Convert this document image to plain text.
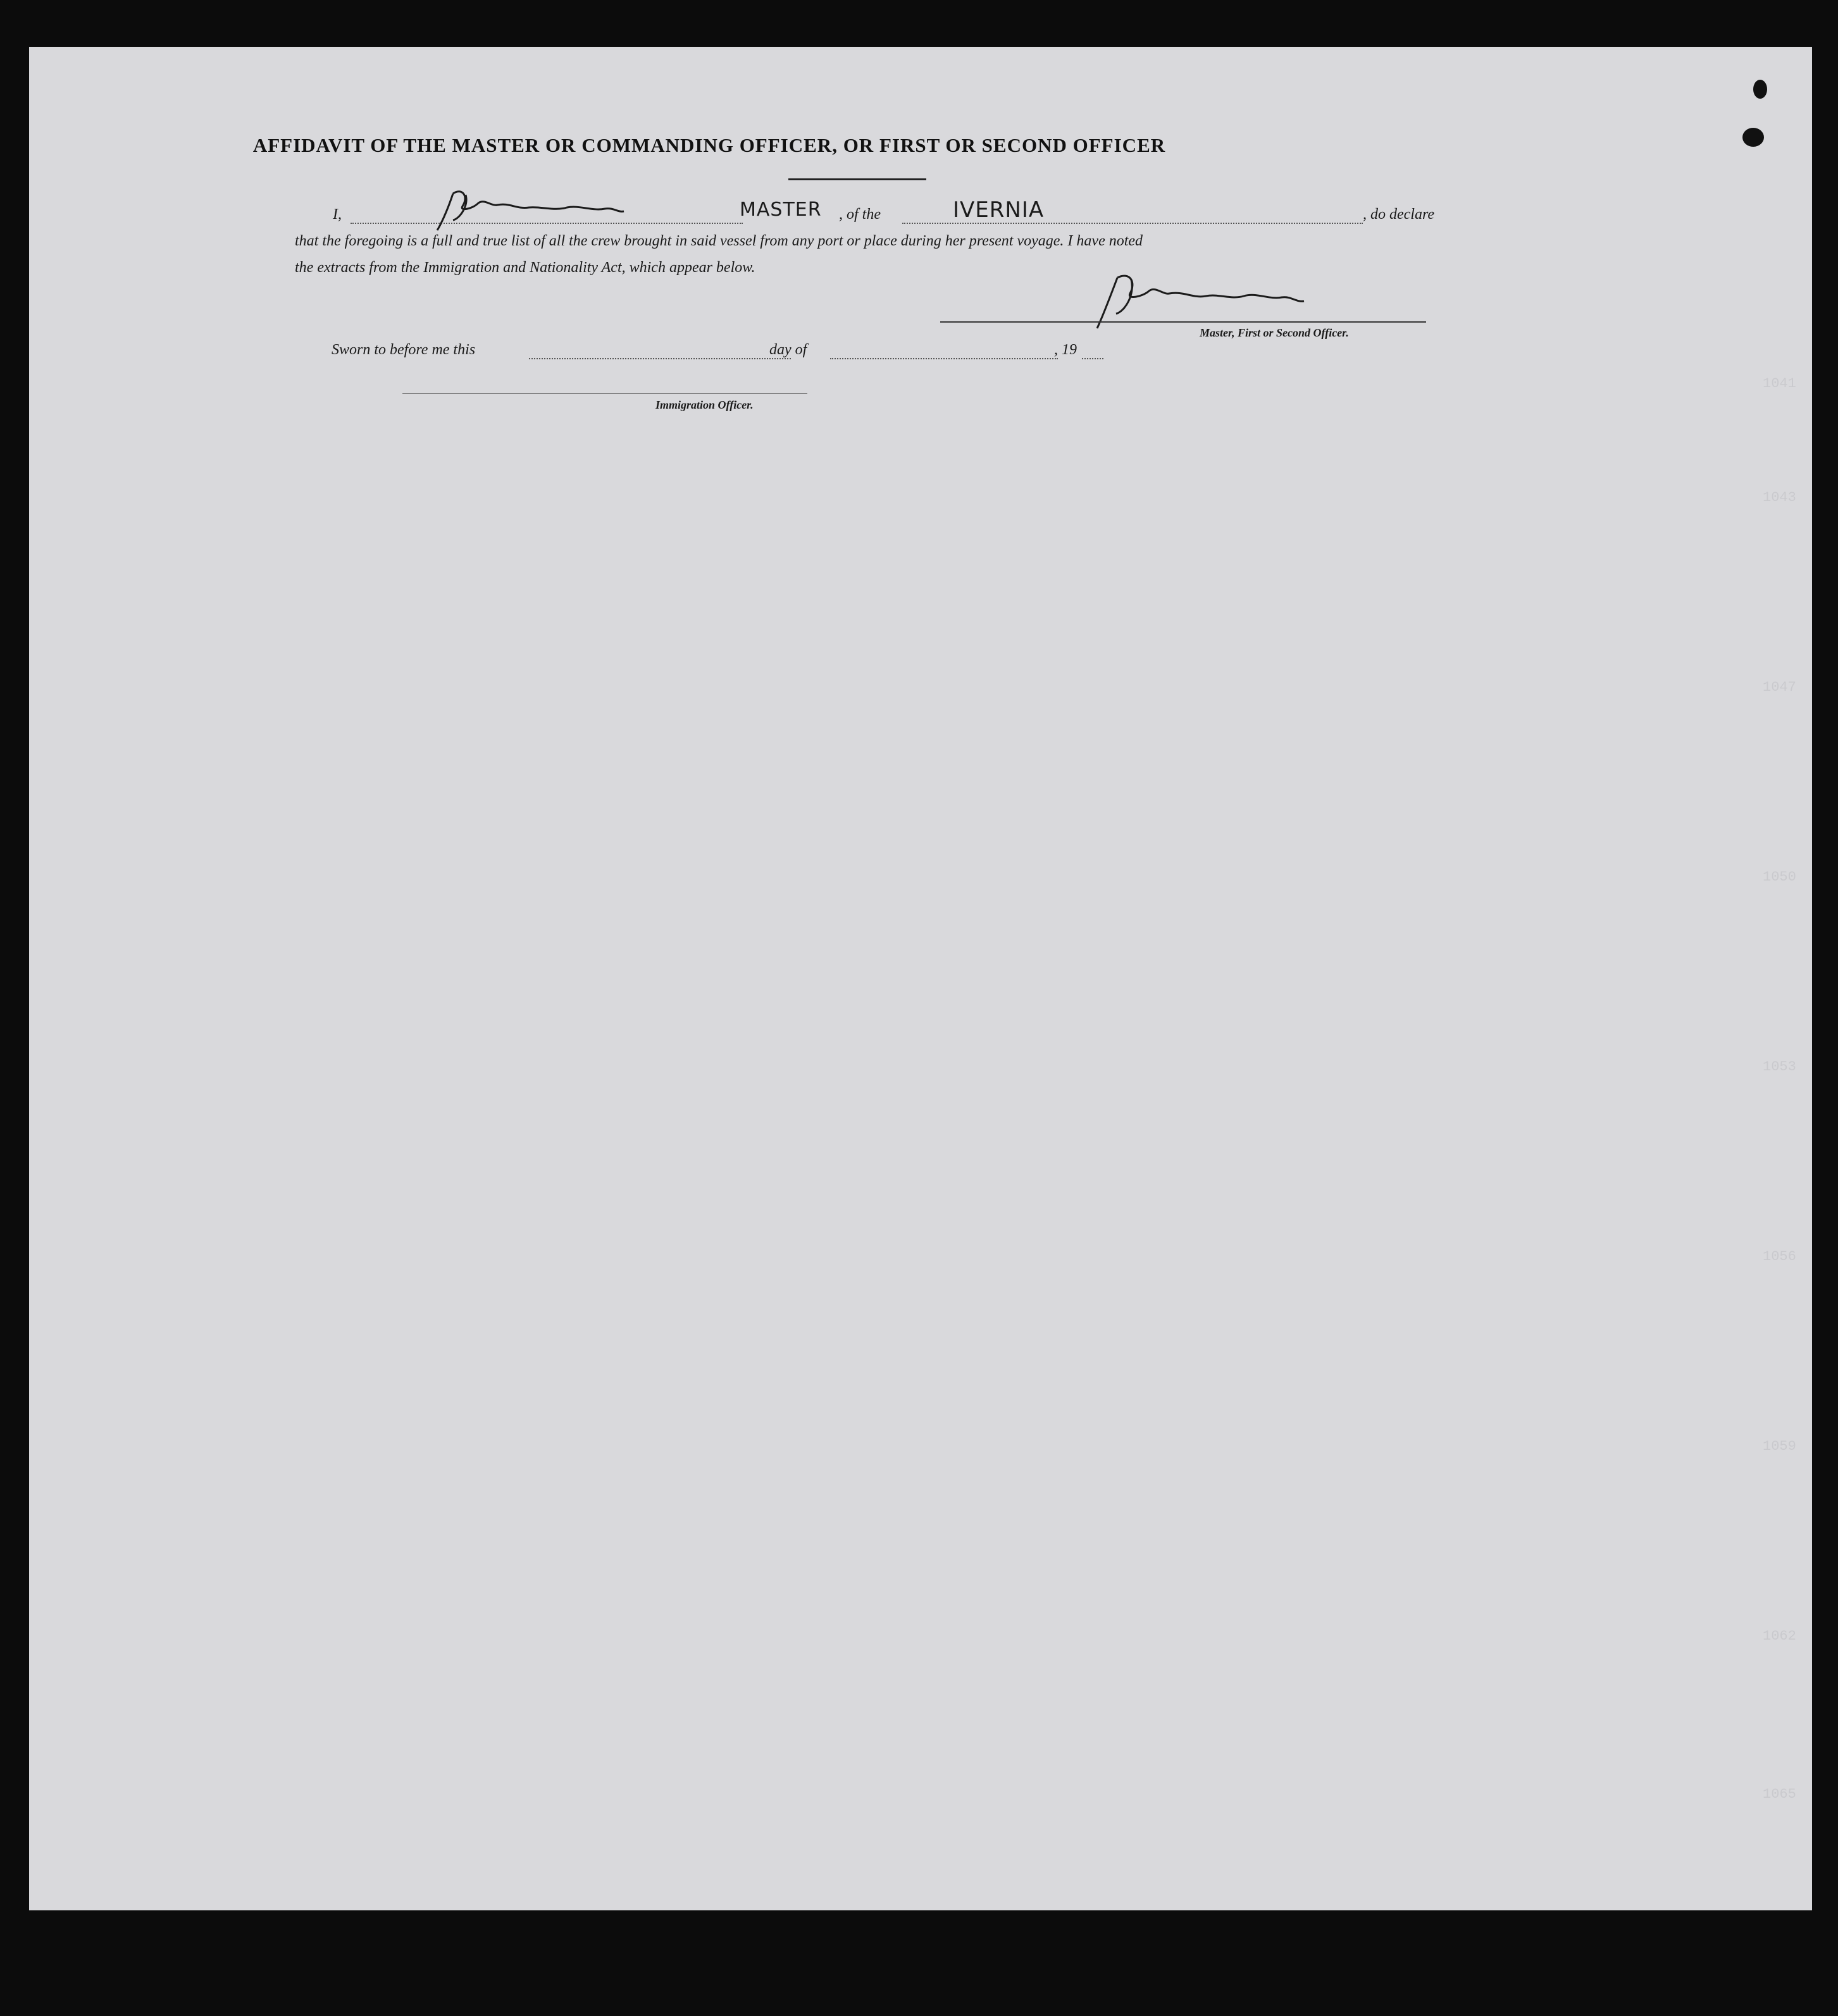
1041
1043
1047
1050
1053
1056
1059
1062
1065
AFFIDAVIT OF THE MASTER OR COMMANDING OFFICER, OR FIRST OR SECOND OFFICER
I,	MASTER , of the	IVERNIA	, do declare
that the foregoing is a full and true list of all the crew brought in said vessel from any port or place during her present voyage. I have noted
the extracts from the Immigration and Nationality Act, which appear below.
Master, First or Second Officer.
Sworn to before me this	day of	, 19
Immigration Officer.
